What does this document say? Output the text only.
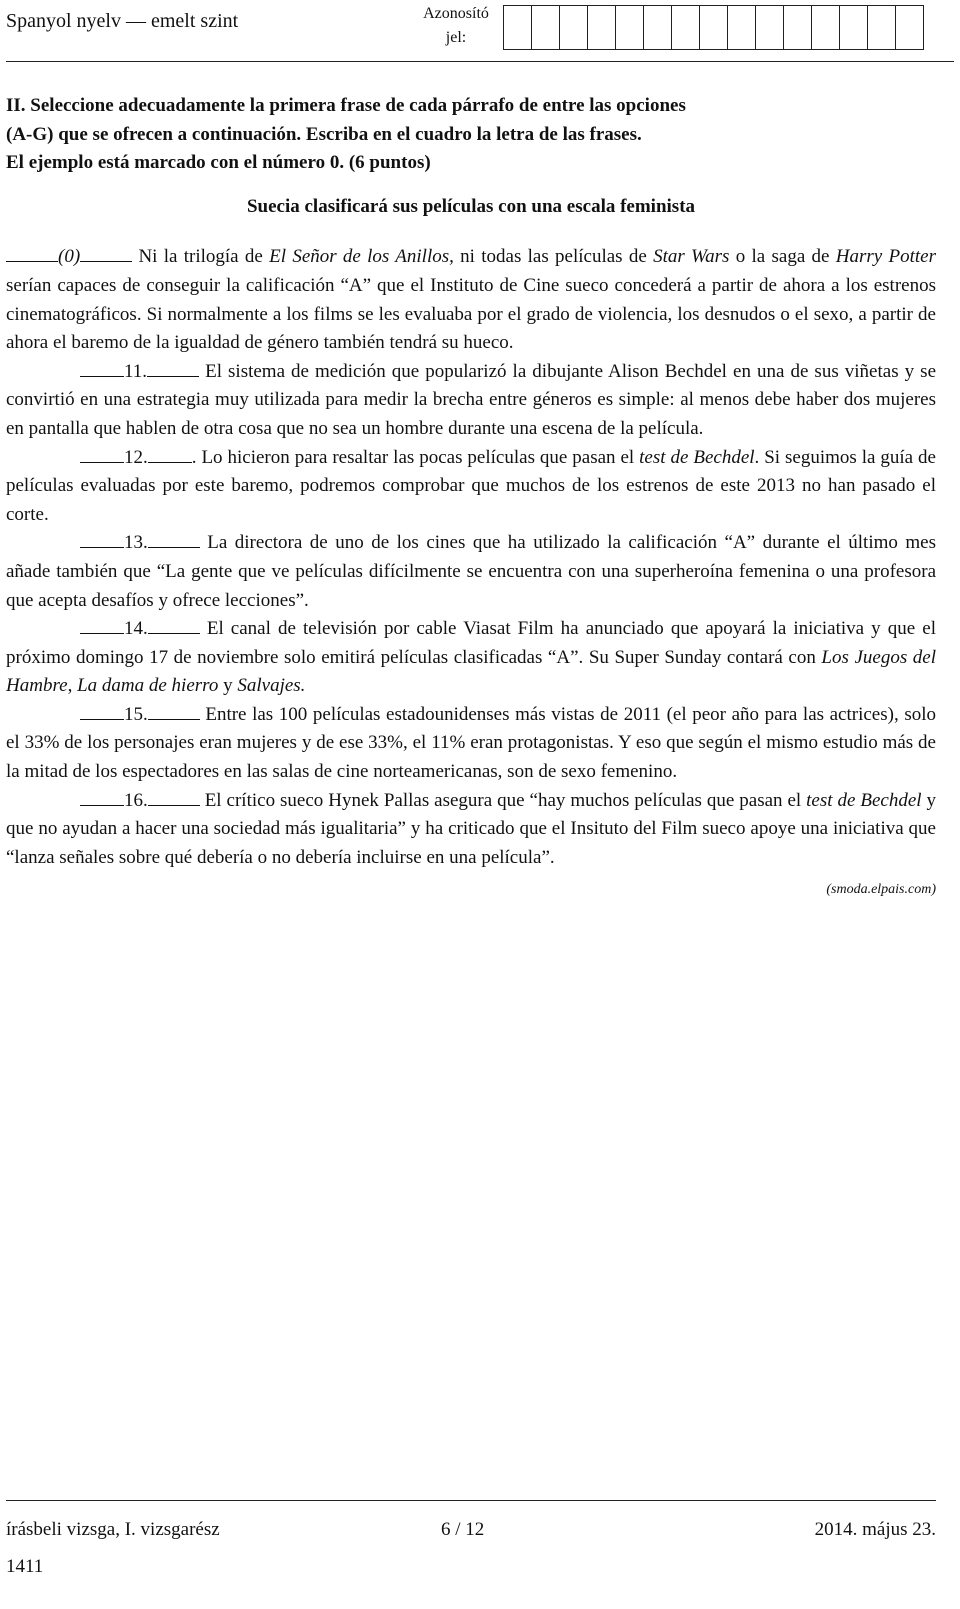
Spanyol nyelv — emelt szint	Azonosító
jel:
II. Seleccione adecuadamente la primera frase de cada párrafo de entre las opciones
(A-G) que se ofrecen a continuación. Escriba en el cuadro la letra de las frases.
El ejemplo está marcado con el número 0. (6 puntos)
Suecia clasificará sus películas con una escala feminista

(0)	Ni la trilogía de El Señor de los Anillos, ni todas las películas de Star Wars o la saga de Harry Potter serían capaces de conseguir la calificación “A” que el Instituto de Cine sueco concederá a partir de ahora a los estrenos cinematográficos. Si normalmente a los films se les evaluaba por el grado de violencia, los desnudos o el sexo, a partir de ahora el baremo de la igualdad de género también tendrá su hueco.

11.	El sistema de medición que popularizó la dibujante Alison Bechdel en una de sus viñetas y se convirtió en una estrategia muy utilizada para medir la brecha entre géneros es simple: al menos debe haber dos mujeres en pantalla que hablen de otra cosa que no sea un hombre durante una escena de la película.

12. . Lo hicieron para resaltar las pocas películas que pasan el test de Bechdel. Si seguimos la guía de películas evaluadas por este baremo, podremos comprobar que muchos de los estrenos de este 2013 no han pasado el corte.

13.	La directora de uno de los cines que ha utilizado la calificación “A” durante el último mes añade también que “La gente que ve películas difícilmente se encuentra con una superheroína femenina o una profesora que acepta desafíos y ofrece lecciones”.

14.	El canal de televisión por cable Viasat Film ha anunciado que apoyará la iniciativa y que el próximo domingo 17 de noviembre solo emitirá películas clasificadas “A”. Su Super Sunday contará con Los Juegos del Hambre, La dama de hierro y Salvajes.

15.	Entre las 100 películas estadounidenses más vistas de 2011 (el peor año para las actrices), solo el 33% de los personajes eran mujeres y de ese 33%, el 11% eran protagonistas. Y eso que según el mismo estudio más de la mitad de los espectadores en las salas de cine norteamericanas, son de sexo femenino.

16.	El crítico sueco Hynek Pallas asegura que “hay muchos películas que pasan el test de Bechdel y que no ayudan a hacer una sociedad más igualitaria” y ha criticado que el Insituto del Film sueco apoye una iniciativa que “lanza señales sobre qué debería o no debería incluirse en una película”.

(smoda.elpais.com)
írásbeli vizsga, I. vizsgarész	6 / 12	2014. május 23.
1411
